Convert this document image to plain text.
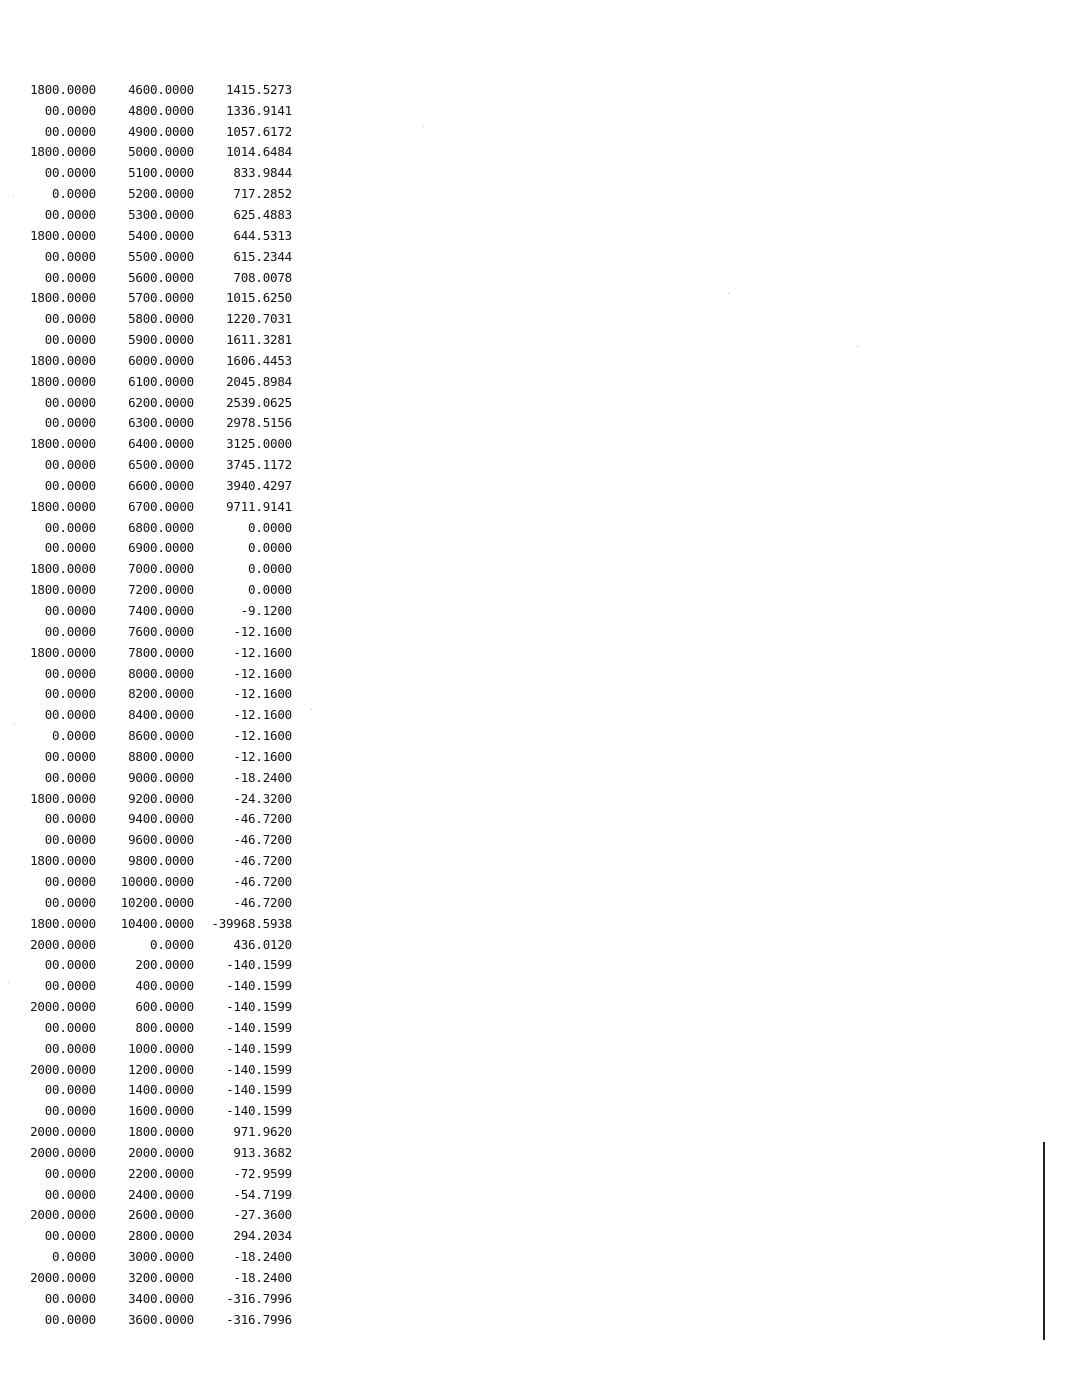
1800.0000	4600.0000	1415.5273
00.0000	4800.0000	1336.9141
00.0000	4900.0000	1057.6172
1800.0000	5000.0000	1014.6484
00.0000	5100.0000	833.9844
0.0000	5200.0000	717.2852
00.0000	5300.0000	625.4883
1800.0000	5400.0000	644.5313
00.0000	5500.0000	615.2344
00.0000	5600.0000	708.0078
1800.0000	5700.0000	1015.6250
00.0000	5800.0000	1220.7031
00.0000	5900.0000	1611.3281
1800.0000	6000.0000	1606.4453
1800.0000	6100.0000	2045.8984
00.0000	6200.0000	2539.0625
00.0000	6300.0000	2978.5156
1800.0000	6400.0000	3125.0000
00.0000	6500.0000	3745.1172
00.0000	6600.0000	3940.4297
1800.0000	6700.0000	9711.9141
00.0000	6800.0000	0.0000
00.0000	6900.0000	0.0000
1800.0000	7000.0000	0.0000
1800.0000	7200.0000	0.0000
00.0000	7400.0000	-9.1200
00.0000	7600.0000	-12.1600
1800.0000	7800.0000	-12.1600
00.0000	8000.0000	-12.1600
00.0000	8200.0000	-12.1600
00.0000	8400.0000	-12.1600
0.0000	8600.0000	-12.1600
00.0000	8800.0000	-12.1600
00.0000	9000.0000	-18.2400
1800.0000	9200.0000	-24.3200
00.0000	9400.0000	-46.7200
00.0000	9600.0000	-46.7200
1800.0000	9800.0000	-46.7200
00.0000	10000.0000	-46.7200
00.0000	10200.0000	-46.7200
1800.0000	10400.0000	-39968.5938
2000.0000	0.0000	436.0120
00.0000	200.0000	-140.1599
00.0000	400.0000	-140.1599
2000.0000	600.0000	-140.1599
00.0000	800.0000	-140.1599
00.0000	1000.0000	-140.1599
2000.0000	1200.0000	-140.1599
00.0000	1400.0000	-140.1599
00.0000	1600.0000	-140.1599
2000.0000	1800.0000	971.9620
2000.0000	2000.0000	913.3682
00.0000	2200.0000	-72.9599
00.0000	2400.0000	-54.7199
2000.0000	2600.0000	-27.3600
00.0000	2800.0000	294.2034
0.0000	3000.0000	-18.2400
2000.0000	3200.0000	-18.2400
00.0000	3400.0000	-316.7996
00.0000	3600.0000	-316.7996
